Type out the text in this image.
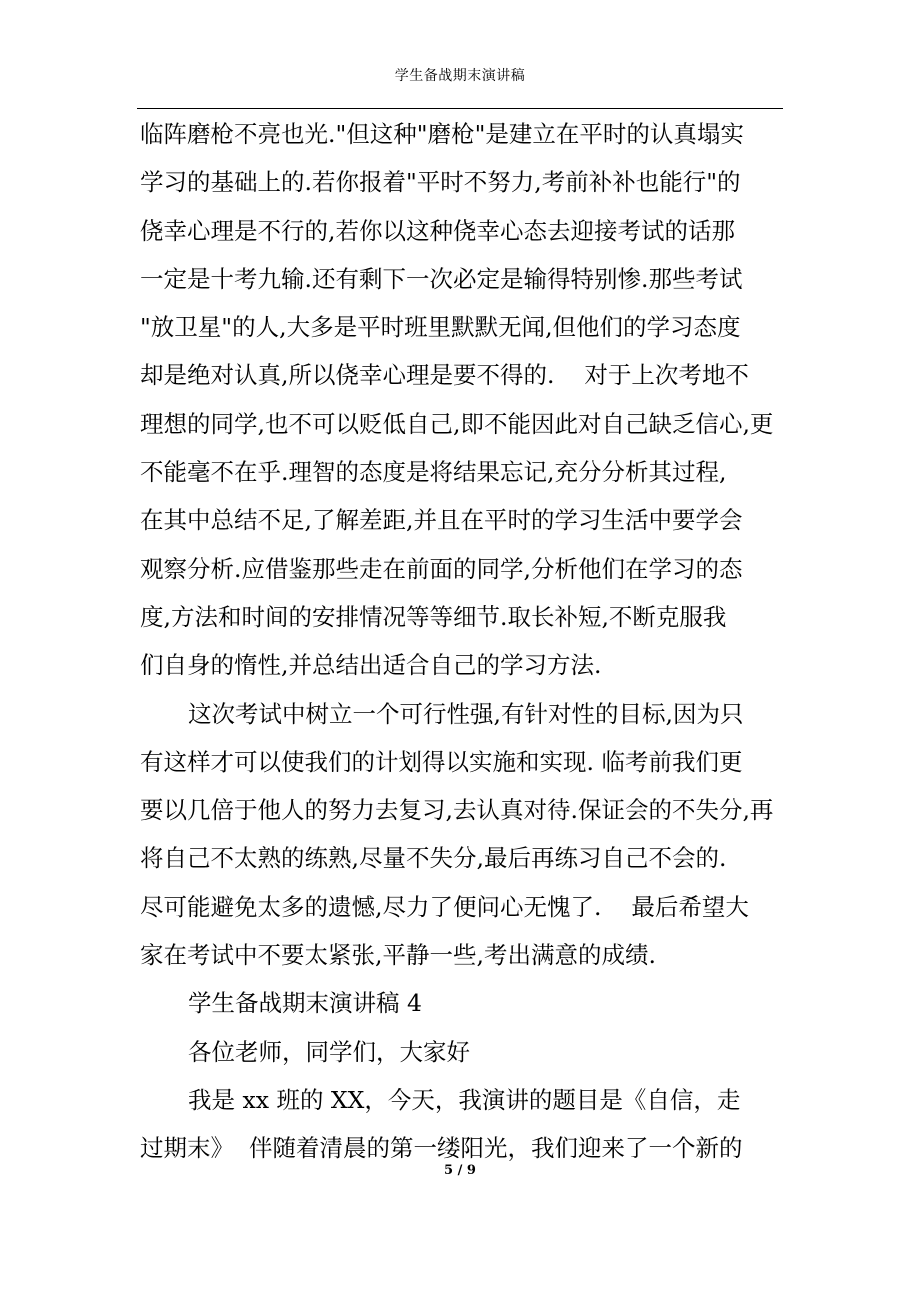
学生备战期末演讲稿
临阵磨枪不亮也光."但这种"磨枪"是建立在平时的认真塌实
学习的基础上的.若你报着"平时不努力,考前补补也能行"的
侥幸心理是不行的,若你以这种侥幸心态去迎接考试的话那
一定是十考九输.还有剩下一次必定是输得特别惨.那些考试
"放卫星"的人,大多是平时班里默默无闻,但他们的学习态度
却是绝对认真,所以侥幸心理是要不得的.    对于上次考地不
理想的同学,也不可以贬低自己,即不能因此对自己缺乏信心,更
不能毫不在乎.理智的态度是将结果忘记,充分分析其过程,
在其中总结不足,了解差距,并且在平时的学习生活中要学会
观察分析.应借鉴那些走在前面的同学,分析他们在学习的态
度,方法和时间的安排情况等等细节.取长补短,不断克服我
们自身的惰性,并总结出适合自己的学习方法.
这次考试中树立一个可行性强,有针对性的目标,因为只
有这样才可以使我们的计划得以实施和实现. 临考前我们更
要以几倍于他人的努力去复习,去认真对待.保证会的不失分,再
将自己不太熟的练熟,尽量不失分,最后再练习自己不会的.
尽可能避免太多的遗憾,尽力了便问心无愧了.    最后希望大
家在考试中不要太紧张,平静一些,考出满意的成绩.
学生备战期末演讲稿 4
各位老师，同学们，大家好
我是 xx 班的 XX，今天，我演讲的题目是《自信，走
过期末》  伴随着清晨的第一缕阳光，我们迎来了一个新的
5 / 9
